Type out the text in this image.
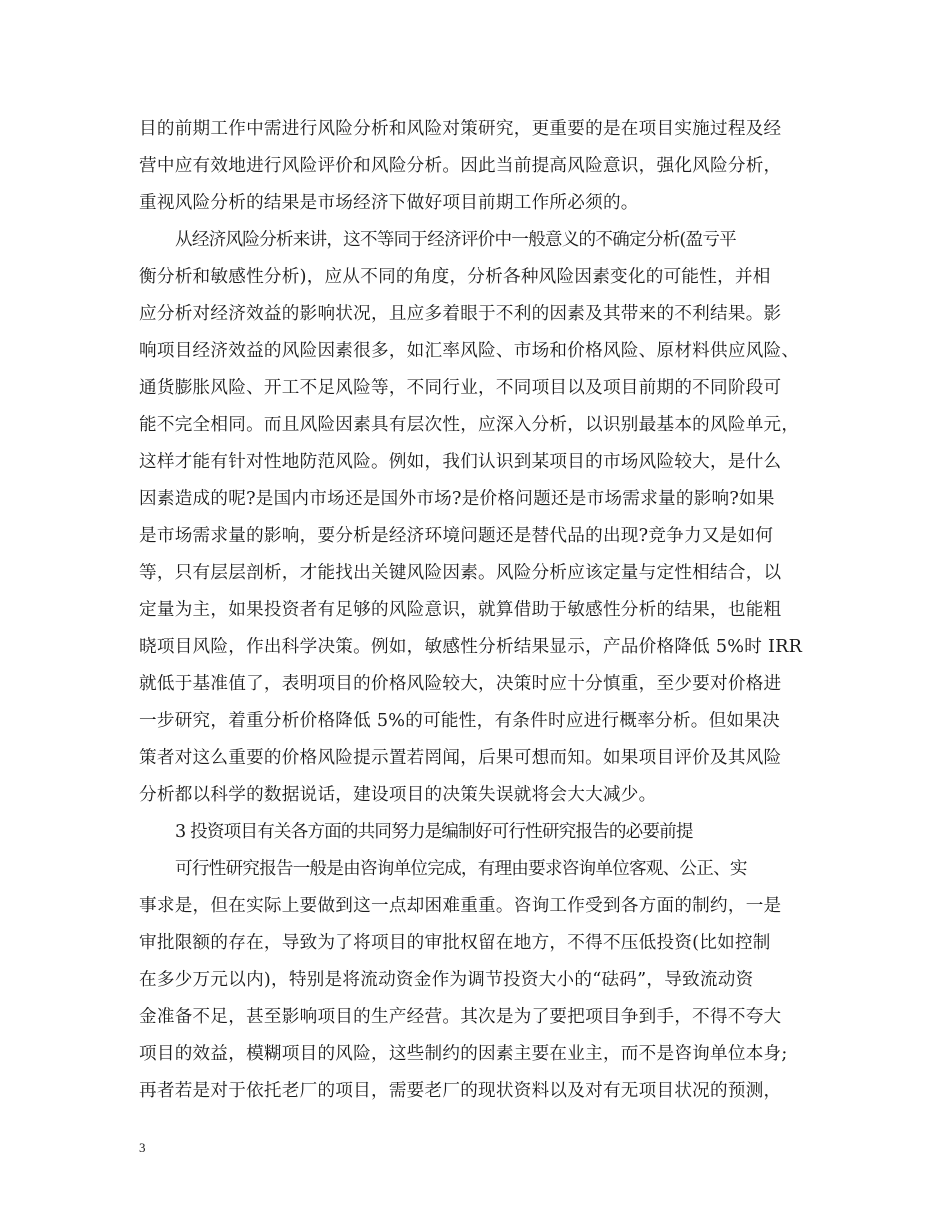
目的前期工作中需进行风险分析和风险对策研究，更重要的是在项目实施过程及经
营中应有效地进行风险评价和风险分析。因此当前提高风险意识，强化风险分析，
重视风险分析的结果是市场经济下做好项目前期工作所必须的。
从经济风险分析来讲，这不等同于经济评价中一般意义的不确定分析(盈亏平
衡分析和敏感性分析)，应从不同的角度，分析各种风险因素变化的可能性，并相
应分析对经济效益的影响状况，且应多着眼于不利的因素及其带来的不利结果。影
响项目经济效益的风险因素很多，如汇率风险、市场和价格风险、原材料供应风险、
通货膨胀风险、开工不足风险等，不同行业，不同项目以及项目前期的不同阶段可
能不完全相同。而且风险因素具有层次性，应深入分析，以识别最基本的风险单元，
这样才能有针对性地防范风险。例如，我们认识到某项目的市场风险较大，是什么
因素造成的呢?是国内市场还是国外市场?是价格问题还是市场需求量的影响?如果
是市场需求量的影响，要分析是经济环境问题还是替代品的出现?竞争力又是如何
等，只有层层剖析，才能找出关键风险因素。风险分析应该定量与定性相结合，以
定量为主，如果投资者有足够的风险意识，就算借助于敏感性分析的结果，也能粗
晓项目风险，作出科学决策。例如，敏感性分析结果显示，产品价格降低 5%时 IRR
就低于基准值了，表明项目的价格风险较大，决策时应十分慎重，至少要对价格进
一步研究，着重分析价格降低 5%的可能性，有条件时应进行概率分析。但如果决
策者对这么重要的价格风险提示置若罔闻，后果可想而知。如果项目评价及其风险
分析都以科学的数据说话，建设项目的决策失误就将会大大减少。
3 投资项目有关各方面的共同努力是编制好可行性研究报告的必要前提
可行性研究报告一般是由咨询单位完成，有理由要求咨询单位客观、公正、实
事求是，但在实际上要做到这一点却困难重重。咨询工作受到各方面的制约，一是
审批限额的存在，导致为了将项目的审批权留在地方，不得不压低投资(比如控制
在多少万元以内)，特别是将流动资金作为调节投资大小的“砝码”，导致流动资
金准备不足，甚至影响项目的生产经营。其次是为了要把项目争到手，不得不夸大
项目的效益，模糊项目的风险，这些制约的因素主要在业主，而不是咨询单位本身;
再者若是对于依托老厂的项目，需要老厂的现状资料以及对有无项目状况的预测，
3
